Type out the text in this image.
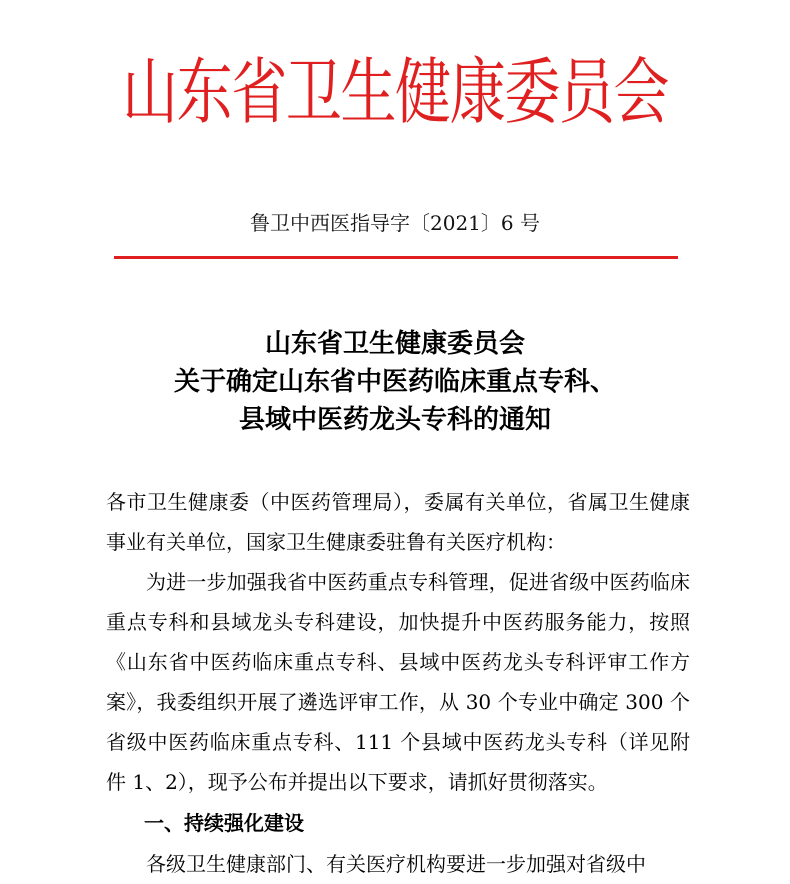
山东省卫生健康委员会
鲁卫中西医指导字〔2021〕6 号
山东省卫生健康委员会
关于确定山东省中医药临床重点专科、
县域中医药龙头专科的通知

各市卫生健康委（中医药管理局），委属有关单位，省属卫生健康事业有关单位，国家卫生健康委驻鲁有关医疗机构：

为进一步加强我省中医药重点专科管理，促进省级中医药临床重点专科和县域龙头专科建设，加快提升中医药服务能力，按照《山东省中医药临床重点专科、县域中医药龙头专科评审工作方案》，我委组织开展了遴选评审工作，从 30 个专业中确定 300 个省级中医药临床重点专科、111 个县域中医药龙头专科（详见附件 1、2），现予公布并提出以下要求，请抓好贯彻落实。

一、持续强化建设

各级卫生健康部门、有关医疗机构要进一步加强对省级中
